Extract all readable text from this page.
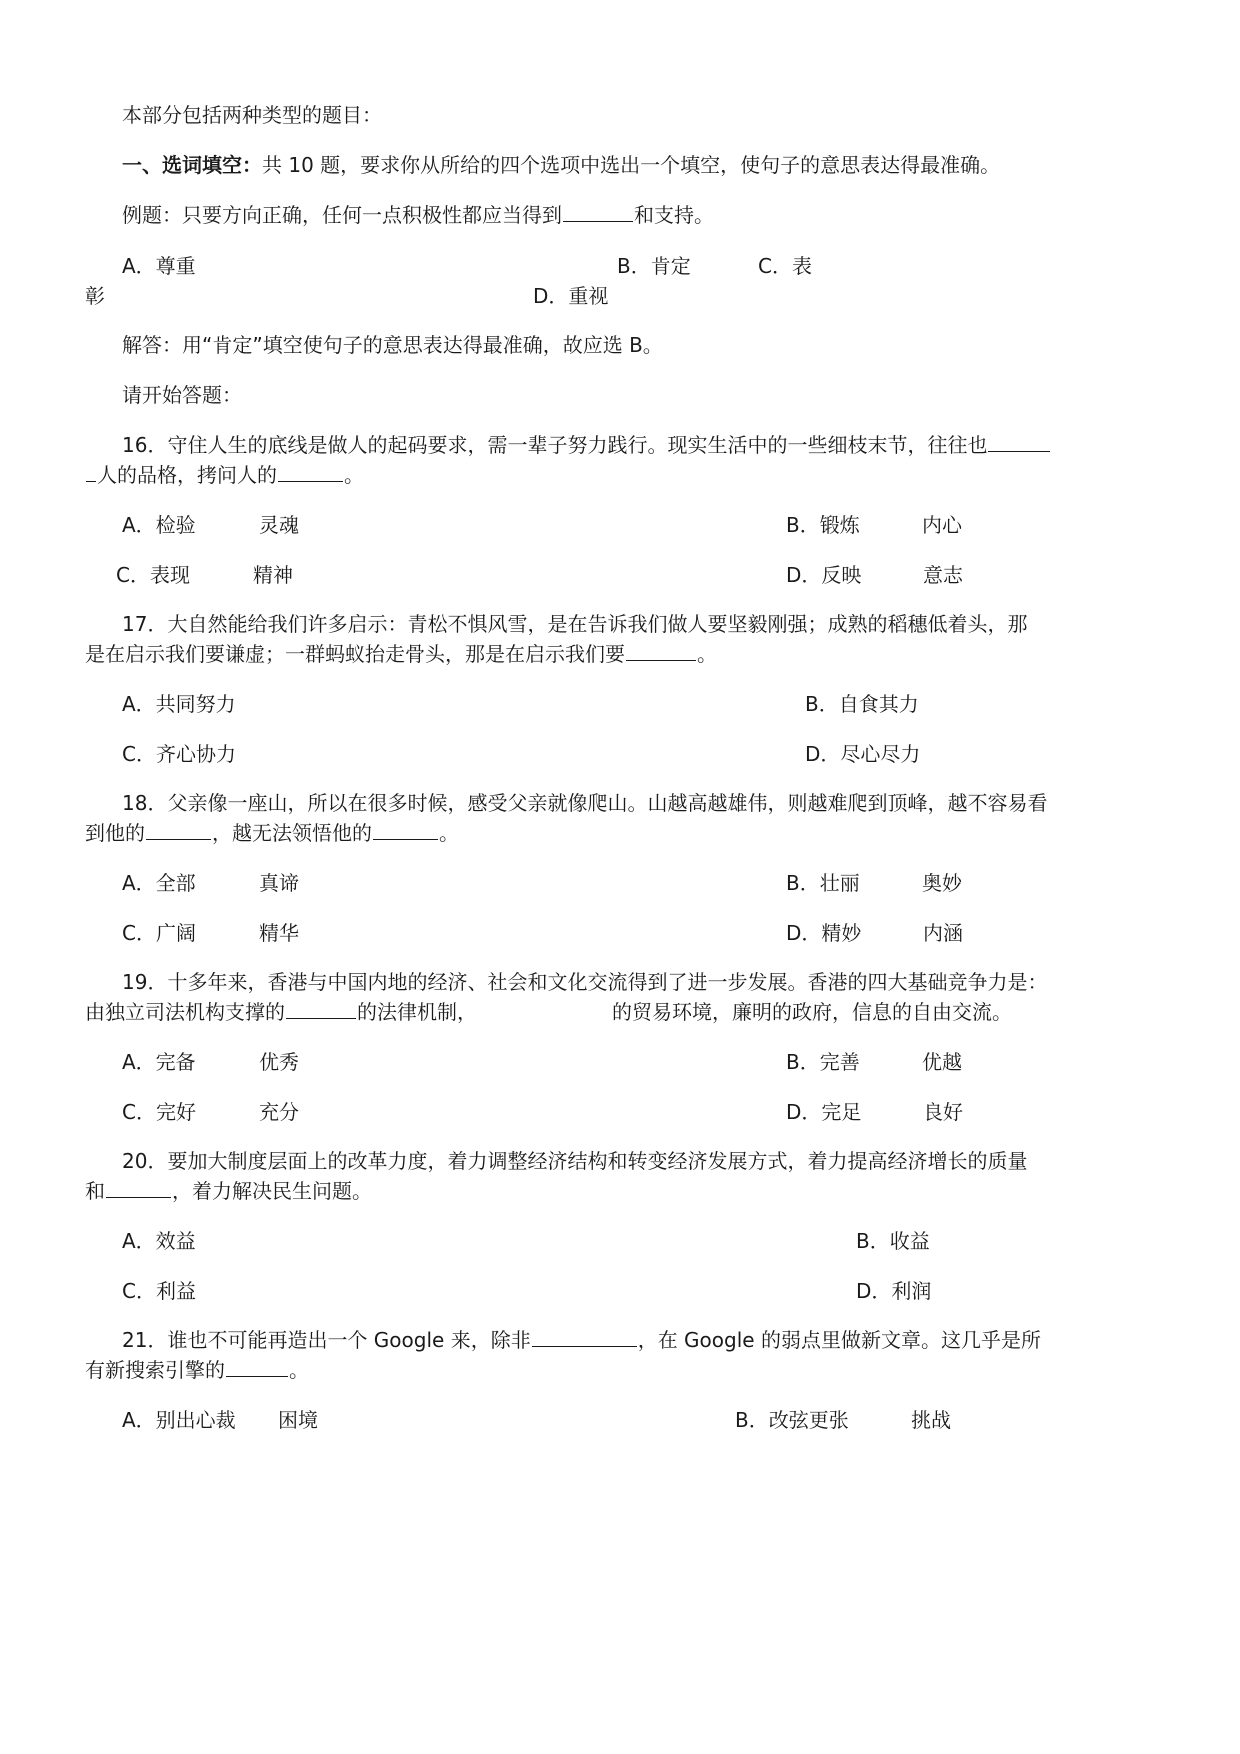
本部分包括两种类型的题目：
一、选词填空：共 10 题，要求你从所给的四个选项中选出一个填空，使句子的意思表达得最准确。
例题：只要方向正确，任何一点积极性都应当得到	和支持。
A．尊重	B．肯定	C．表
彰	D．重视
解答：用“肯定”填空使句子的意思表达得最准确，故应选 B。
请开始答题：
16．守住人生的底线是做人的起码要求，需一辈子努力践行。现实生活中的一些细枝末节，往往也
人的品格，拷问人的	。
A．检验	灵魂	B．锻炼	内心
C．表现	精神	D．反映	意志
17．大自然能给我们许多启示：青松不惧风雪，是在告诉我们做人要坚毅刚强；成熟的稻穗低着头，那
是在启示我们要谦虚；一群蚂蚁抬走骨头，那是在启示我们要	。
A．共同努力	B．自食其力
C．齐心协力	D．尽心尽力
18．父亲像一座山，所以在很多时候，感受父亲就像爬山。山越高越雄伟，则越难爬到顶峰，越不容易看
到他的	，越无法领悟他的	。
A．全部	真谛	B．壮丽	奥妙
C．广阔	精华	D．精妙	内涵
19．十多年来，香港与中国内地的经济、社会和文化交流得到了进一步发展。香港的四大基础竞争力是：
由独立司法机构支撑的	的法律机制，	的贸易环境，廉明的政府，信息的自由交流。
A．完备	优秀	B．完善	优越
C．完好	充分	D．完足	良好
20．要加大制度层面上的改革力度，着力调整经济结构和转变经济发展方式，着力提高经济增长的质量
和	，着力解决民生问题。
A．效益	B．收益
C．利益	D．利润
21．谁也不可能再造出一个 Google 来，除非	，在 Google 的弱点里做新文章。这几乎是所
有新搜索引擎的	。
A．别出心裁 困境	B．改弦更张	挑战
